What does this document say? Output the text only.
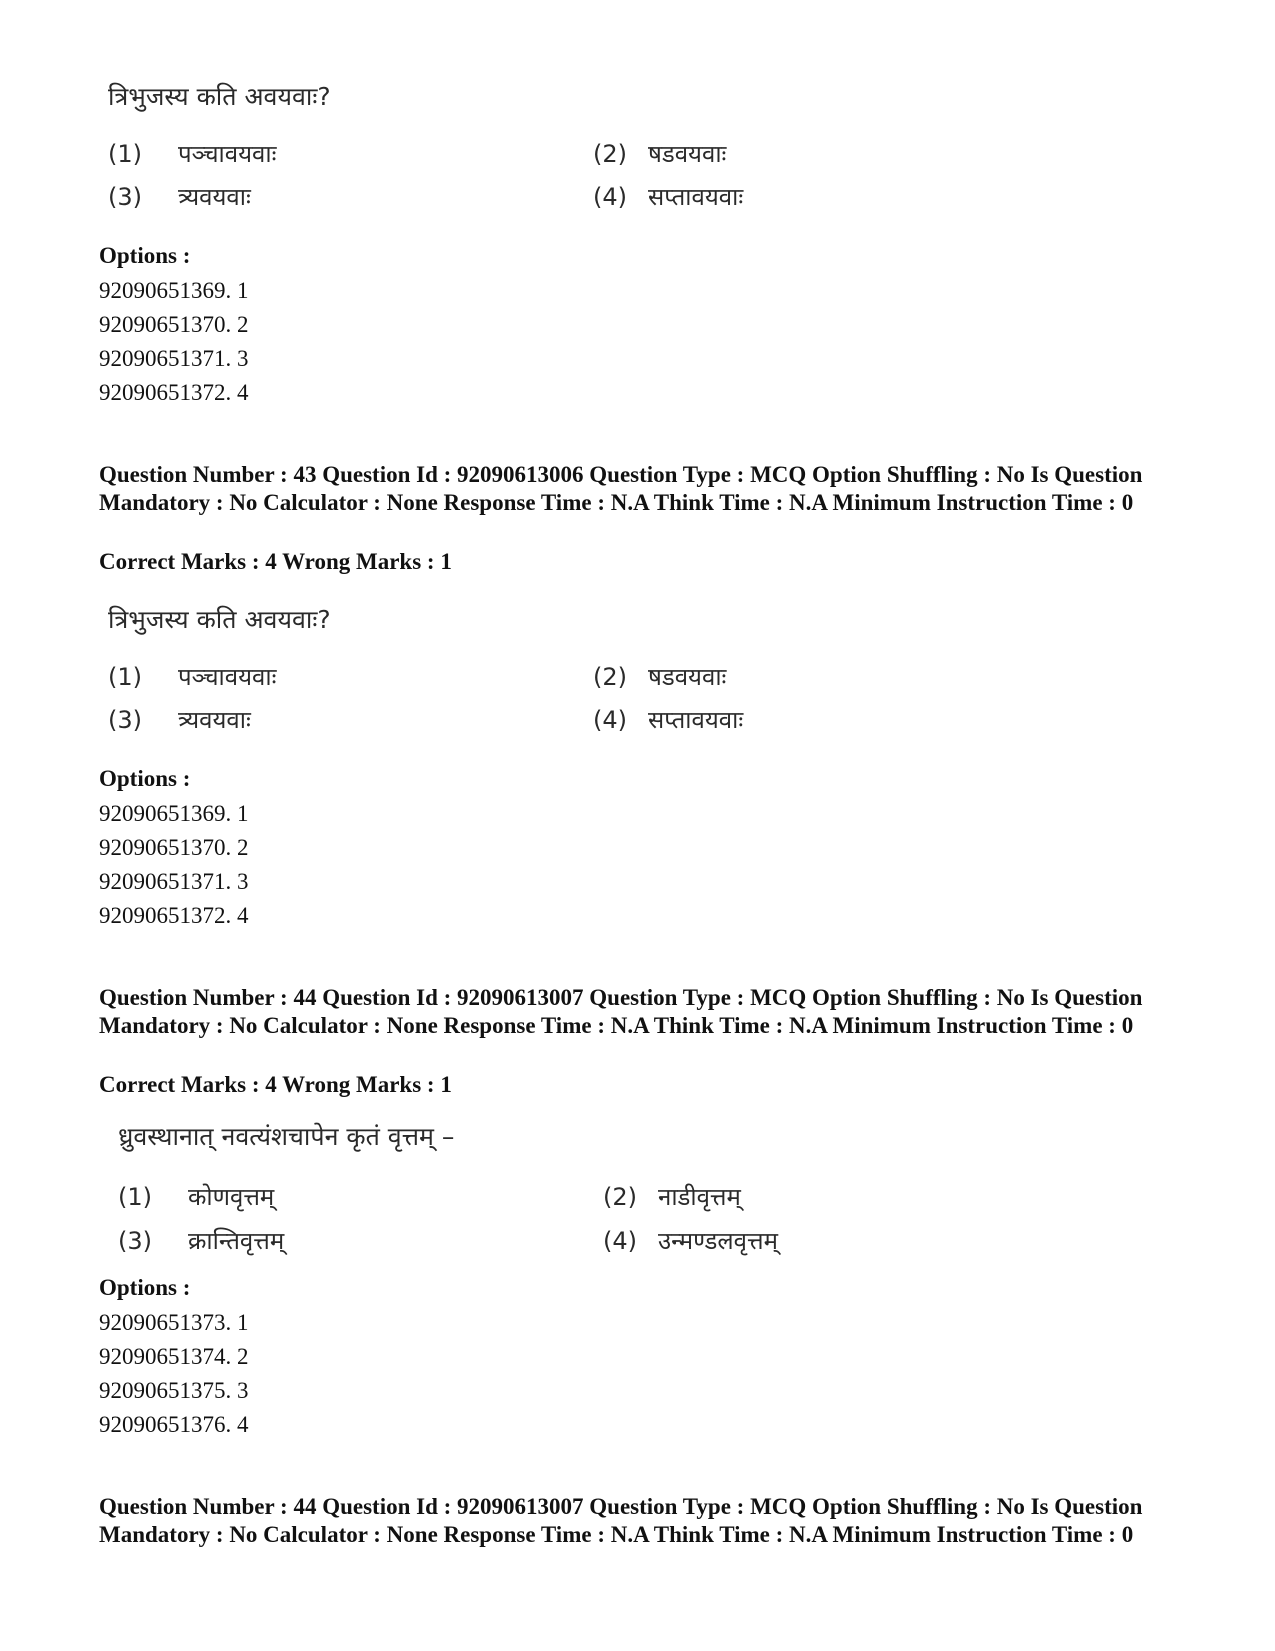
त्रिभुजस्य कति अवयवाः?
(1) पञ्चावयवाः	(2) षडवयवाः
(3) त्र्यवयवाः	(4) सप्तावयवाः
Options :
92090651369. 1
92090651370. 2
92090651371. 3
92090651372. 4
Question Number : 43 Question Id : 92090613006 Question Type : MCQ Option Shuffling : No Is Question Mandatory : No Calculator : None Response Time : N.A Think Time : N.A Minimum Instruction Time : 0
Correct Marks : 4 Wrong Marks : 1
त्रिभुजस्य कति अवयवाः?
(1) पञ्चावयवाः	(2) षडवयवाः
(3) त्र्यवयवाः	(4) सप्तावयवाः
Options :
92090651369. 1
92090651370. 2
92090651371. 3
92090651372. 4
Question Number : 44 Question Id : 92090613007 Question Type : MCQ Option Shuffling : No Is Question Mandatory : No Calculator : None Response Time : N.A Think Time : N.A Minimum Instruction Time : 0
Correct Marks : 4 Wrong Marks : 1
ध्रुवस्थानात् नवत्यंशचापेन कृतं वृत्तम् –
(1) कोणवृत्तम्	(2) नाडीवृत्तम्
(3) क्रान्तिवृत्तम्	(4) उन्मण्डलवृत्तम्
Options :
92090651373. 1
92090651374. 2
92090651375. 3
92090651376. 4
Question Number : 44 Question Id : 92090613007 Question Type : MCQ Option Shuffling : No Is Question Mandatory : No Calculator : None Response Time : N.A Think Time : N.A Minimum Instruction Time : 0
